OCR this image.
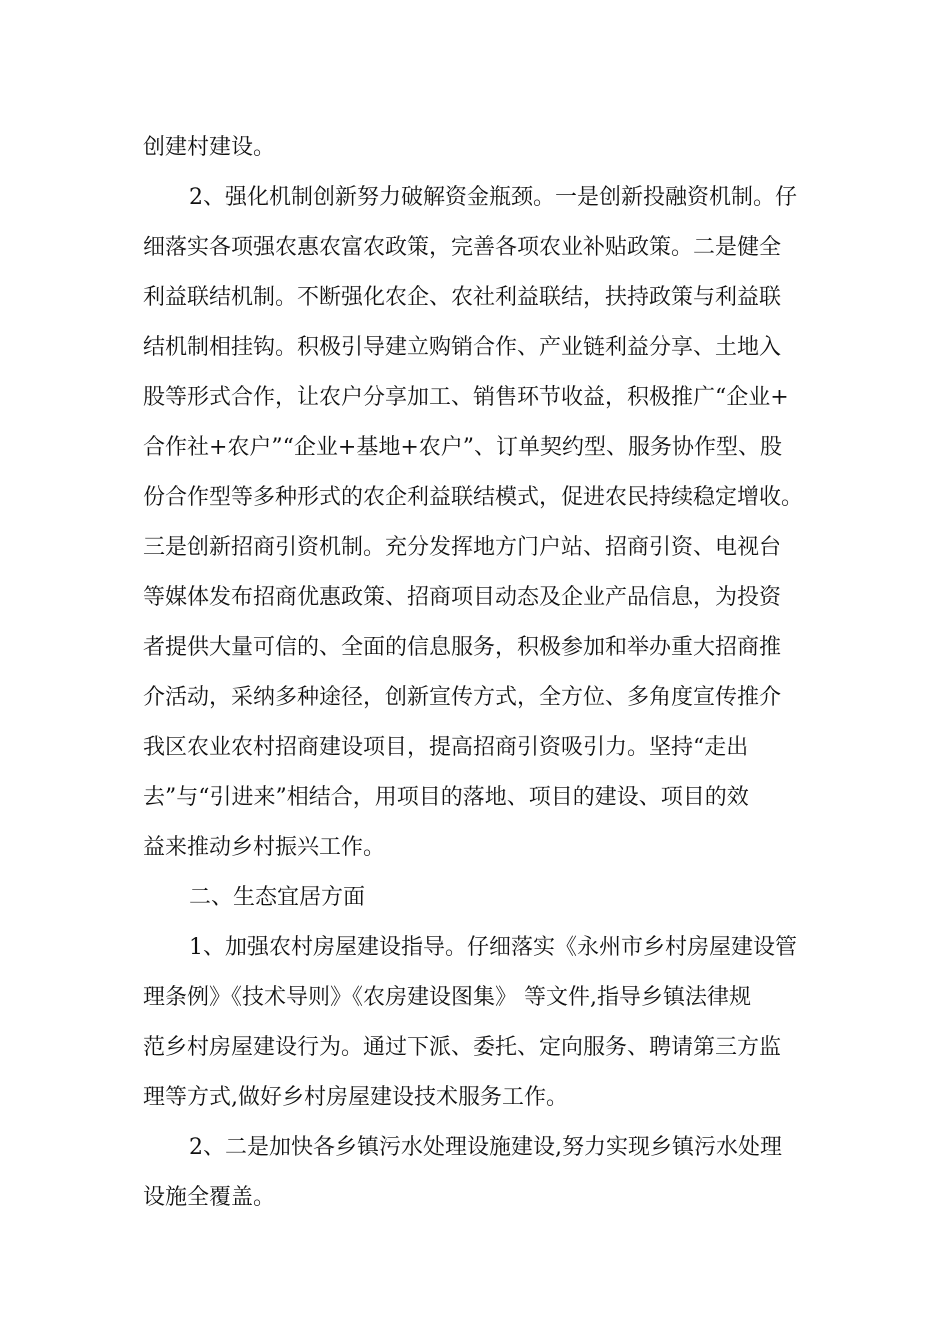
创建村建设。
2、强化机制创新努力破解资金瓶颈。一是创新投融资机制。仔
细落实各项强农惠农富农政策，完善各项农业补贴政策。二是健全
利益联结机制。不断强化农企、农社利益联结，扶持政策与利益联
结机制相挂钩。积极引导建立购销合作、产业链利益分享、土地入
股等形式合作，让农户分享加工、销售环节收益，积极推广“企业+
合作社+农户”“企业+基地+农户”、订单契约型、服务协作型、股
份合作型等多种形式的农企利益联结模式，促进农民持续稳定增收。
三是创新招商引资机制。充分发挥地方门户站、招商引资、电视台
等媒体发布招商优惠政策、招商项目动态及企业产品信息，为投资
者提供大量可信的、全面的信息服务，积极参加和举办重大招商推
介活动，采纳多种途径，创新宣传方式，全方位、多角度宣传推介
我区农业农村招商建设项目，提高招商引资吸引力。坚持“走出
去”与“引进来”相结合，用项目的落地、项目的建设、项目的效
益来推动乡村振兴工作。
二、生态宜居方面
1、加强农村房屋建设指导。仔细落实《永州市乡村房屋建设管
理条例》《技术导则》《农房建设图集》 等文件,指导乡镇法律规
范乡村房屋建设行为。通过下派、委托、定向服务、聘请第三方监
理等方式,做好乡村房屋建设技术服务工作。
2、二是加快各乡镇污水处理设施建设,努力实现乡镇污水处理
设施全覆盖。
